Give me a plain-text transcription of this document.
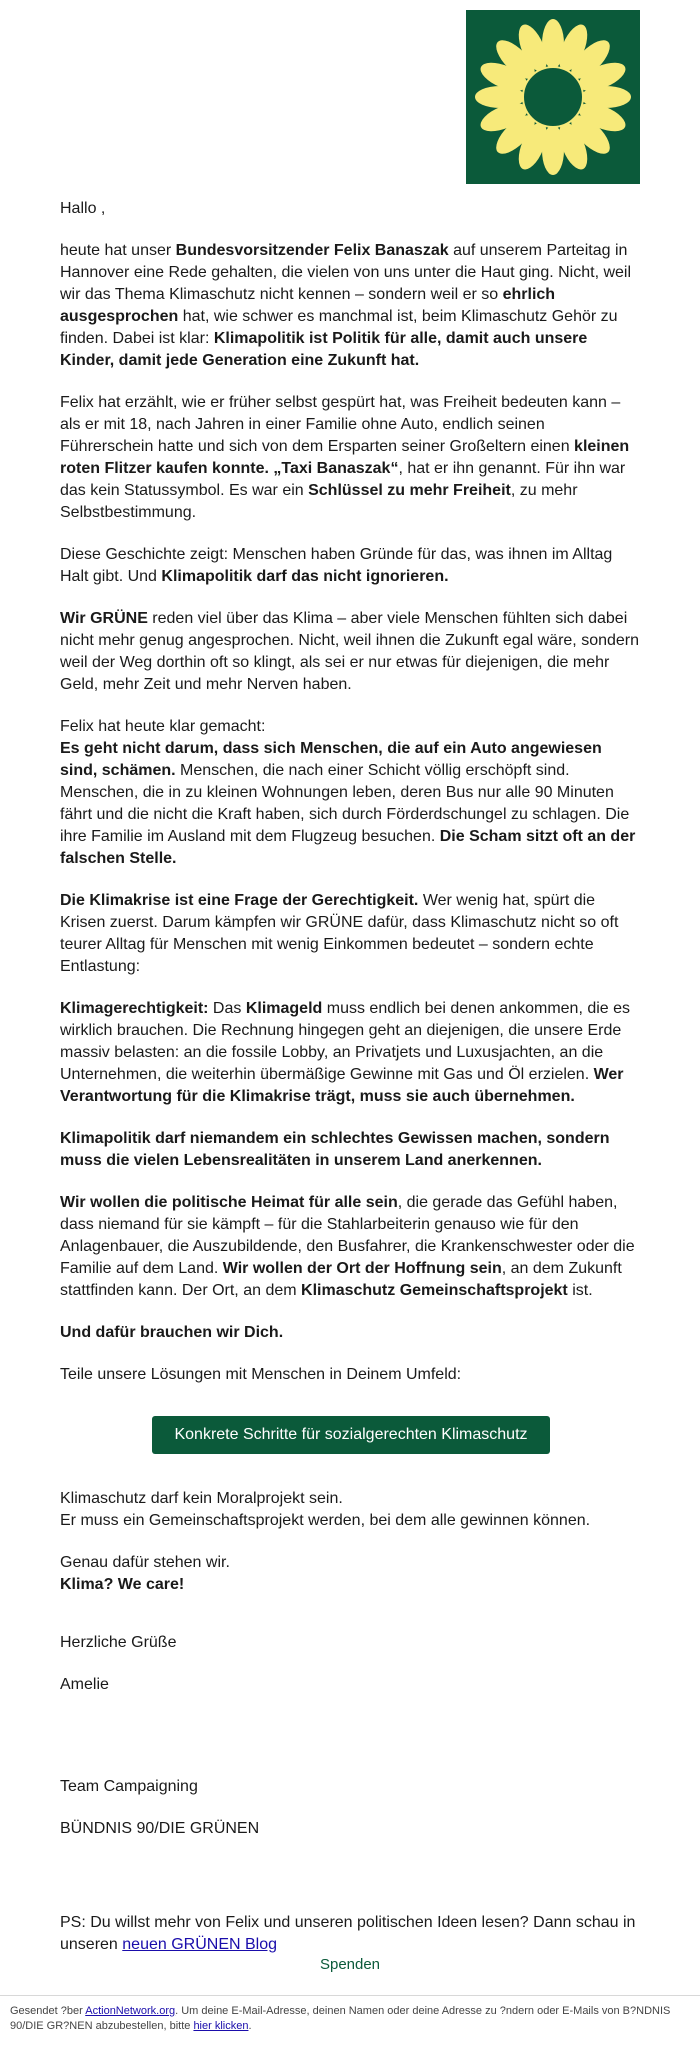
Hallo ,

heute hat unser Bundesvorsitzender Felix Banaszak auf unserem Parteitag in Hannover eine Rede gehalten, die vielen von uns unter die Haut ging. Nicht, weil wir das Thema Klimaschutz nicht kennen – sondern weil er so ehrlich ausgesprochen hat, wie schwer es manchmal ist, beim Klimaschutz Gehör zu finden. Dabei ist klar: Klimapolitik ist Politik für alle, damit auch unsere Kinder, damit jede Generation eine Zukunft hat.

Felix hat erzählt, wie er früher selbst gespürt hat, was Freiheit bedeuten kann – als er mit 18, nach Jahren in einer Familie ohne Auto, endlich seinen Führerschein hatte und sich von dem Ersparten seiner Großeltern einen kleinen roten Flitzer kaufen konnte. „Taxi Banaszak“, hat er ihn genannt. Für ihn war das kein Statussymbol. Es war ein Schlüssel zu mehr Freiheit, zu mehr Selbstbestimmung.

Diese Geschichte zeigt: Menschen haben Gründe für das, was ihnen im Alltag Halt gibt. Und Klimapolitik darf das nicht ignorieren.

Wir GRÜNE reden viel über das Klima – aber viele Menschen fühlten sich dabei nicht mehr genug angesprochen. Nicht, weil ihnen die Zukunft egal wäre, sondern weil der Weg dorthin oft so klingt, als sei er nur etwas für diejenigen, die mehr Geld, mehr Zeit und mehr Nerven haben.

Felix hat heute klar gemacht:
Es geht nicht darum, dass sich Menschen, die auf ein Auto angewiesen sind, schämen. Menschen, die nach einer Schicht völlig erschöpft sind. Menschen, die in zu kleinen Wohnungen leben, deren Bus nur alle 90 Minuten fährt und die nicht die Kraft haben, sich durch Förderdschungel zu schlagen. Die ihre Familie im Ausland mit dem Flugzeug besuchen. Die Scham sitzt oft an der falschen Stelle.

Die Klimakrise ist eine Frage der Gerechtigkeit. Wer wenig hat, spürt die Krisen zuerst. Darum kämpfen wir GRÜNE dafür, dass Klimaschutz nicht so oft teurer Alltag für Menschen mit wenig Einkommen bedeutet – sondern echte Entlastung:

Klimagerechtigkeit: Das Klimageld muss endlich bei denen ankommen, die es wirklich brauchen. Die Rechnung hingegen geht an diejenigen, die unsere Erde massiv belasten: an die fossile Lobby, an Privatjets und Luxusjachten, an die Unternehmen, die weiterhin übermäßige Gewinne mit Gas und Öl erzielen. Wer Verantwortung für die Klimakrise trägt, muss sie auch übernehmen.

Klimapolitik darf niemandem ein schlechtes Gewissen machen, sondern muss die vielen Lebensrealitäten in unserem Land anerkennen.

Wir wollen die politische Heimat für alle sein, die gerade das Gefühl haben, dass niemand für sie kämpft – für die Stahlarbeiterin genauso wie für den Anlagenbauer, die Auszubildende, den Busfahrer, die Krankenschwester oder die Familie auf dem Land. Wir wollen der Ort der Hoffnung sein, an dem Zukunft stattfinden kann. Der Ort, an dem Klimaschutz Gemeinschaftsprojekt ist.

Und dafür brauchen wir Dich.

Teile unsere Lösungen mit Menschen in Deinem Umfeld:

Konkrete Schritte für sozialgerechten Klimaschutz

Klimaschutz darf kein Moralprojekt sein.
Er muss ein Gemeinschaftsprojekt werden, bei dem alle gewinnen können.

Genau dafür stehen wir.
Klima? We care!

Herzliche Grüße

Amelie

Team Campaigning

BÜNDNIS 90/DIE GRÜNEN

PS: Du willst mehr von Felix und unseren politischen Ideen lesen? Dann schau in unseren neuen GRÜNEN Blog

Spenden
Gesendet ?ber ActionNetwork.org. Um deine E-Mail-Adresse, deinen Namen oder deine Adresse zu ?ndern oder E-Mails von B?NDNIS 90/DIE GR?NEN abzubestellen, bitte hier klicken.
